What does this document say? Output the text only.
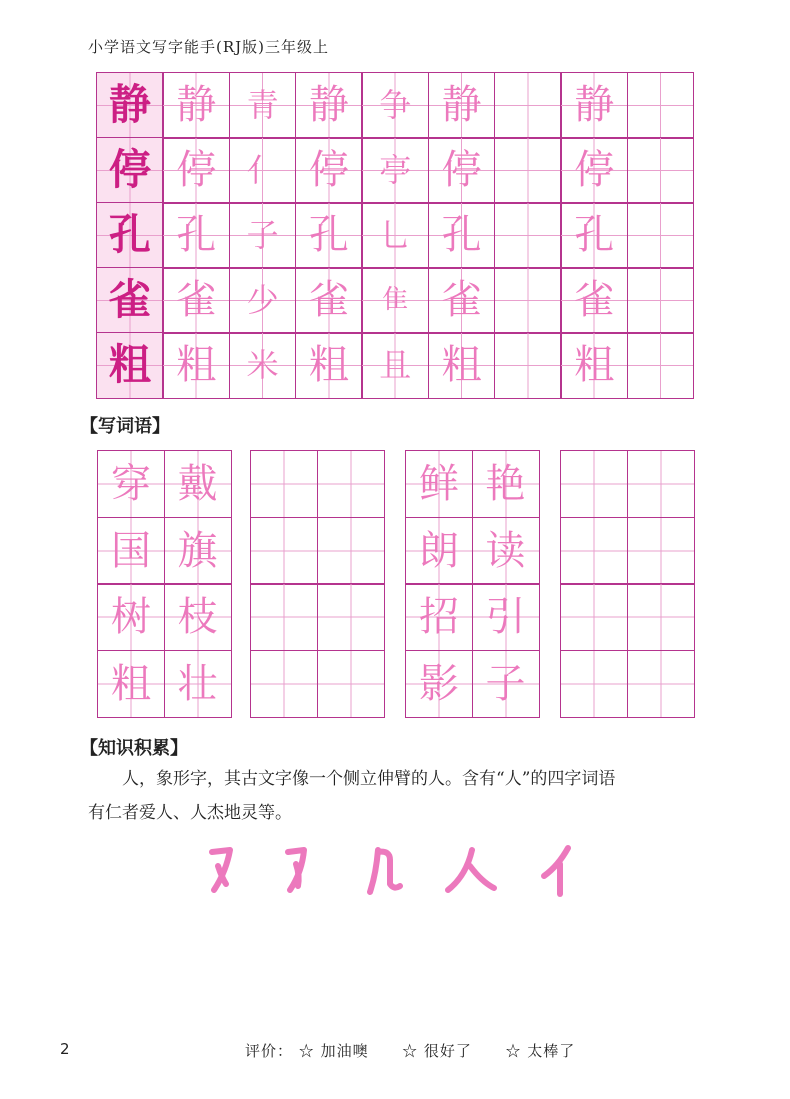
小学语文写字能手(RJ版)三年级上
静 静 青 静 争 静 静
停 停 亻 停 亭 停 停
孔 孔 子 孔 乚 孔 孔
雀 雀 少 雀 隹 雀 雀
粗 粗 米 粗 且 粗 粗
【写词语】
穿 戴
国 旗
树 枝
粗 壮
鲜 艳
朗 读
招 引
影 子
【知识积累】
人，象形字，其古文字像一个侧立伸臂的人。含有“人”的四字词语
有仁者爱人、人杰地灵等。
2	评价： ☆ 加油噢 ☆ 很好了 ☆ 太棒了
